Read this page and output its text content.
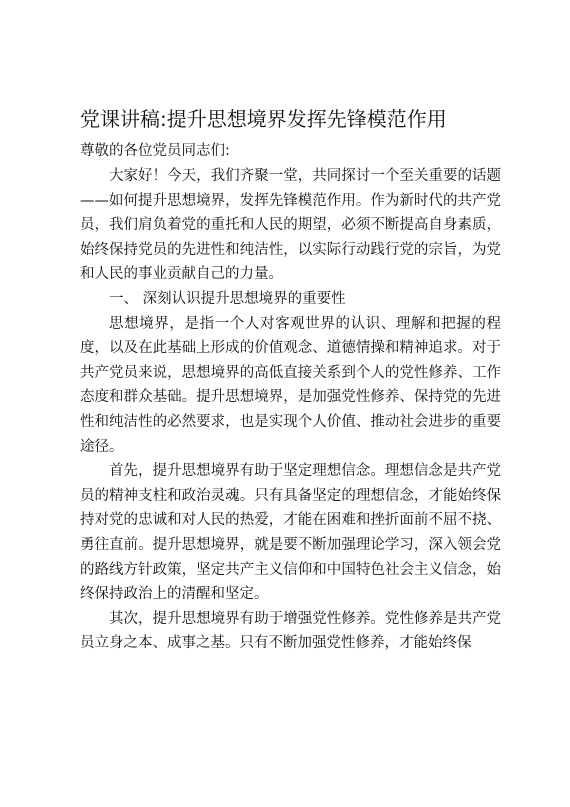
党课讲稿:提升思想境界发挥先锋模范作用
尊敬的各位党员同志们:

大家好！今天，我们齐聚一堂，共同探讨一个至关重要的话题——如何提升思想境界，发挥先锋模范作用。作为新时代的共产党员，我们肩负着党的重托和人民的期望，必须不断提高自身素质，始终保持党员的先进性和纯洁性，以实际行动践行党的宗旨，为党和人民的事业贡献自己的力量。

一、 深刻认识提升思想境界的重要性

思想境界，是指一个人对客观世界的认识、理解和把握的程度，以及在此基础上形成的价值观念、道德情操和精神追求。对于共产党员来说，思想境界的高低直接关系到个人的党性修养、工作态度和群众基础。提升思想境界，是加强党性修养、保持党的先进性和纯洁性的必然要求，也是实现个人价值、推动社会进步的重要途径。

首先，提升思想境界有助于坚定理想信念。理想信念是共产党员的精神支柱和政治灵魂。只有具备坚定的理想信念，才能始终保持对党的忠诚和对人民的热爱，才能在困难和挫折面前不屈不挠、勇往直前。提升思想境界，就是要不断加强理论学习，深入领会党的路线方针政策，坚定共产主义信仰和中国特色社会主义信念，始终保持政治上的清醒和坚定。

其次，提升思想境界有助于增强党性修养。党性修养是共产党员立身之本、成事之基。只有不断加强党性修养，才能始终保
